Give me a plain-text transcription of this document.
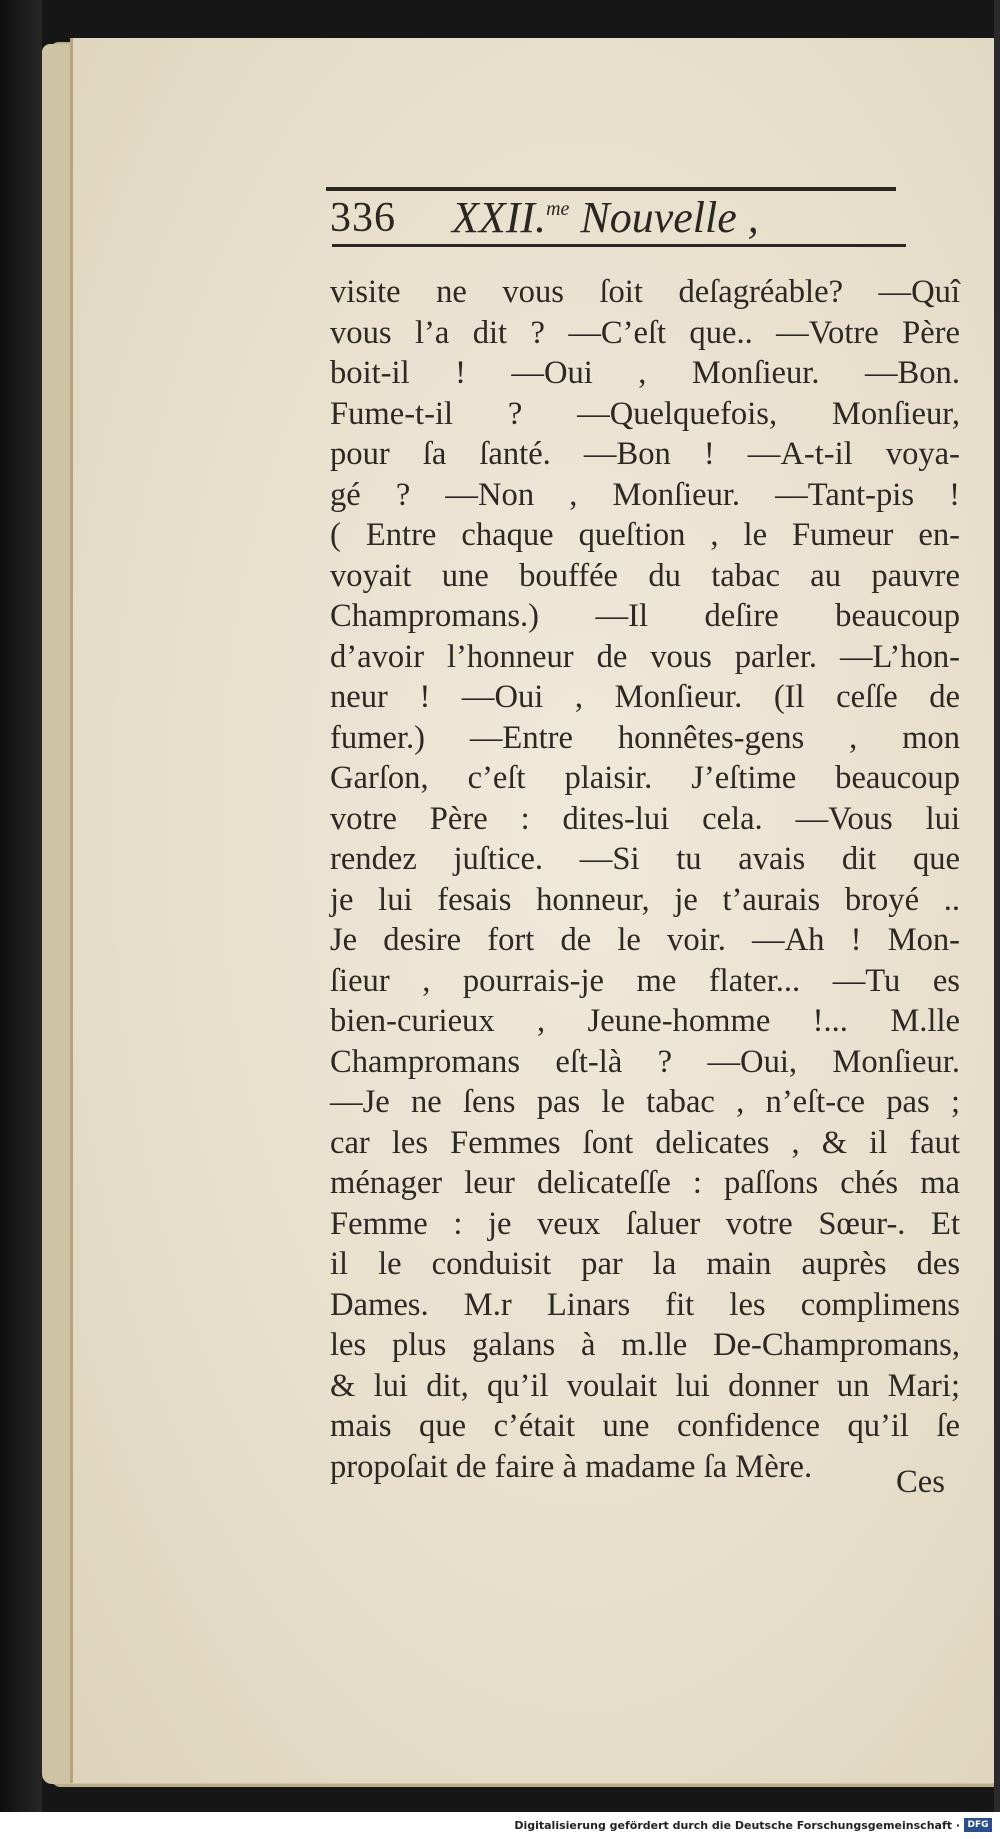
336 XXII.$^{me}$ Nouvelle ,
visite ne vous ſoit deſagréable? —Quî
vous l’a dit ? —C’eſt que.. —Votre Père
boit-il ! —Oui , Monſieur. —Bon.
Fume-t-il ? —Quelquefois, Monſieur,
pour ſa ſanté. —Bon ! —A-t-il voya-
gé ? —Non , Monſieur. —Tant-pis !
( Entre chaque queſtion , le Fumeur en-
voyait une bouffée du tabac au pauvre
Champromans.) —Il deſire beaucoup
d’avoir l’honneur de vous parler. —L’hon-
neur ! —Oui , Monſieur. (Il ceſſe de
fumer.) —Entre honnêtes-gens , mon
Garſon, c’eſt plaisir. J’eſtime beaucoup
votre Père : dites-lui cela. —Vous lui
rendez juſtice. —Si tu avais dit que
je lui fesais honneur, je t’aurais broyé ..
Je desire fort de le voir. —Ah ! Mon-
ſieur , pourrais-je me flater... —Tu es
bien-curieux , Jeune-homme !... M.lle
Champromans eſt-là ? —Oui, Monſieur.
—Je ne ſens pas le tabac , n’eſt-ce pas ;
car les Femmes ſont delicates , & il faut
ménager leur delicateſſe : paſſons chés ma
Femme : je veux ſaluer votre Sœur-. Et
il le conduisit par la main auprès des
Dames. M.r Linars fit les complimens
les plus galans à m.lle De-Champromans,
& lui dit, qu’il voulait lui donner un Mari;
mais que c’était une confidence qu’il ſe
propoſait de faire à madame ſa Mère.	Ces
Digitalisierung gefördert durch die Deutsche Forschungsgemeinschaft · DFG
